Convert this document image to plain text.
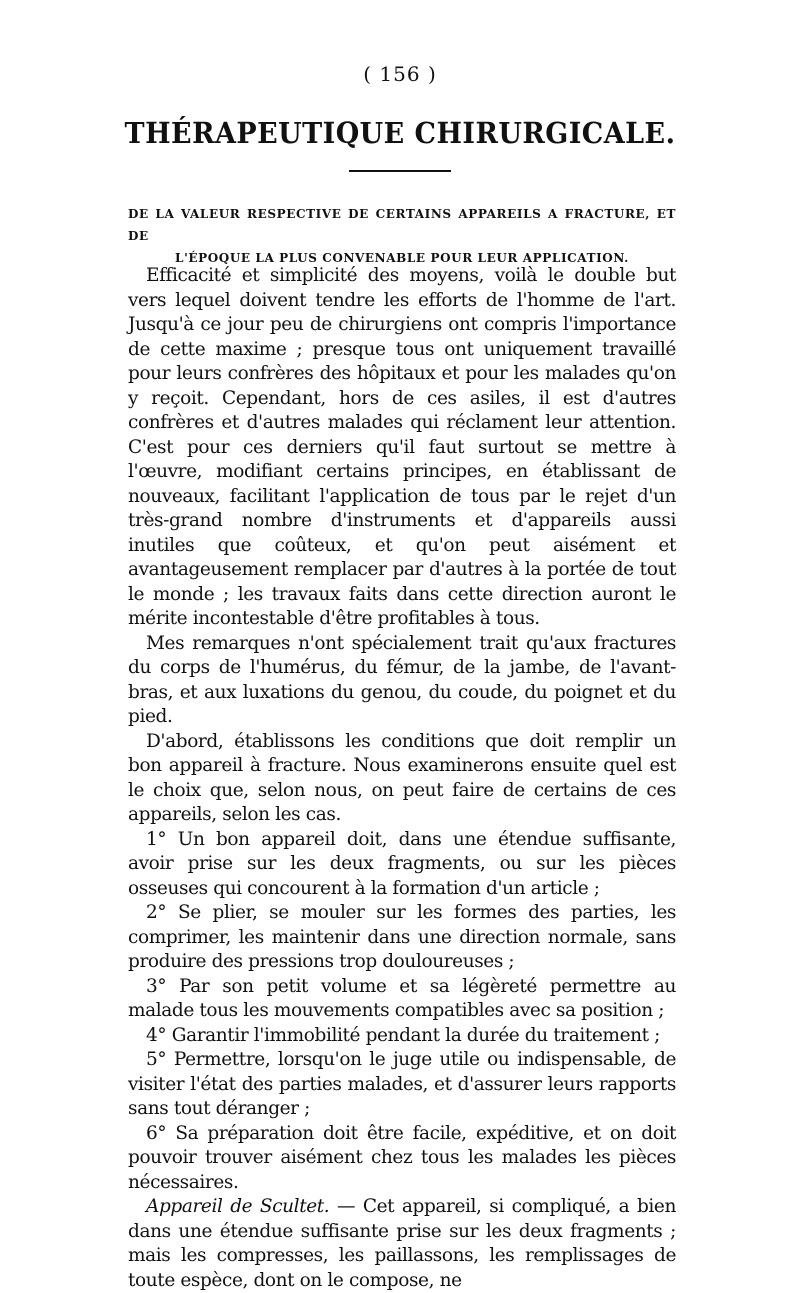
( 156 )
THÉRAPEUTIQUE CHIRURGICALE.
DE LA VALEUR RESPECTIVE DE CERTAINS APPAREILS A FRACTURE, ET DE
L'ÉPOQUE LA PLUS CONVENABLE POUR LEUR APPLICATION.

Efficacité et simplicité des moyens, voilà le double but vers lequel doivent tendre les efforts de l'homme de l'art. Jusqu'à ce jour peu de chirurgiens ont compris l'importance de cette maxime ; presque tous ont uniquement travaillé pour leurs confrères des hôpitaux et pour les malades qu'on y reçoit. Cependant, hors de ces asiles, il est d'autres confrères et d'autres malades qui réclament leur attention. C'est pour ces derniers qu'il faut surtout se mettre à l'œuvre, modifiant certains principes, en établissant de nouveaux, facilitant l'application de tous par le rejet d'un très-grand nombre d'instruments et d'appareils aussi inutiles que coûteux, et qu'on peut aisément et avantageusement remplacer par d'autres à la portée de tout le monde ; les travaux faits dans cette direction auront le mérite incontestable d'être profitables à tous.

Mes remarques n'ont spécialement trait qu'aux fractures du corps de l'humérus, du fémur, de la jambe, de l'avant-bras, et aux luxations du genou, du coude, du poignet et du pied.

D'abord, établissons les conditions que doit remplir un bon appareil à fracture. Nous examinerons ensuite quel est le choix que, selon nous, on peut faire de certains de ces appareils, selon les cas.

1° Un bon appareil doit, dans une étendue suffisante, avoir prise sur les deux fragments, ou sur les pièces osseuses qui concourent à la formation d'un article ;

2° Se plier, se mouler sur les formes des parties, les comprimer, les maintenir dans une direction normale, sans produire des pressions trop douloureuses ;

3° Par son petit volume et sa légèreté permettre au malade tous les mouvements compatibles avec sa position ;

4° Garantir l'immobilité pendant la durée du traitement ;

5° Permettre, lorsqu'on le juge utile ou indispensable, de visiter l'état des parties malades, et d'assurer leurs rapports sans tout déranger ;

6° Sa préparation doit être facile, expéditive, et on doit pouvoir trouver aisément chez tous les malades les pièces nécessaires.

Appareil de Scultet. — Cet appareil, si compliqué, a bien dans une étendue suffisante prise sur les deux fragments ; mais les compresses, les paillassons, les remplissages de toute espèce, dont on le compose, ne
